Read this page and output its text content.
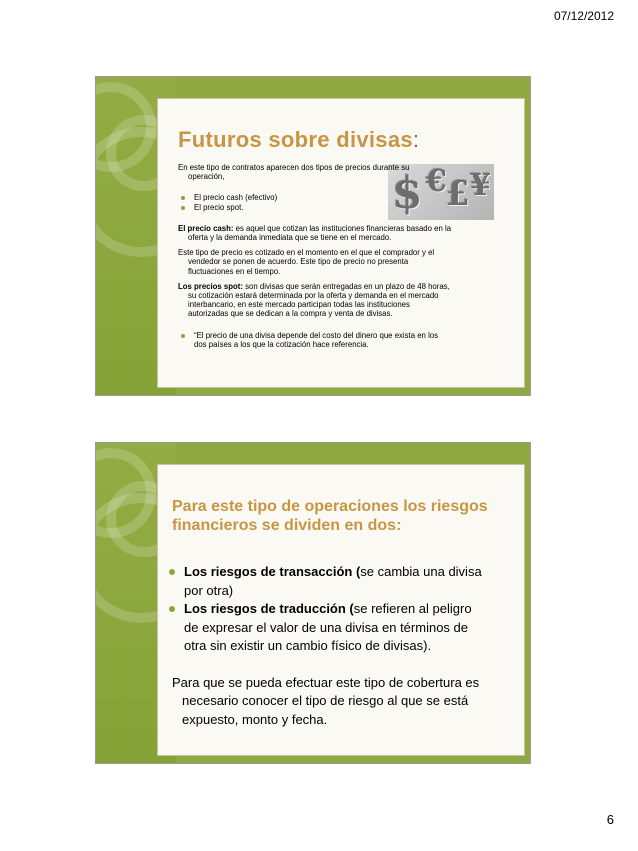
07/12/2012
Futuros sobre divisas:
$ € £ ¥

En este tipo de contratos aparecen dos tipos de precios durante su
operación,

El precio cash (efectivo)

El precio spot.

El precio cash: es aquel que cotizan las instituciones financieras basado en la
oferta y la demanda inmediata que se tiene en el mercado.

Este tipo de precio es cotizado en el momento en el que el comprador y el
vendedor se ponen de acuerdo. Este tipo de precio no presenta
fluctuaciones en el tiempo.

Los precios spot: son divisas que serán entregadas en un plazo de 48 horas,
su cotización estará determinada por la oferta y demanda en el mercado
interbancario, en este mercado participan todas las instituciones
autorizadas que se dedican a la compra y venta de divisas.

“El precio de una divisa depende del costo del dinero que exista en los
dos países a los que la cotización hace referencia.

Para este tipo de operaciones los riesgos
financieros se dividen en dos:

Los riesgos de transacción (se cambia una divisa
por otra)

Los riesgos de traducción (se refieren al peligro
de expresar el valor de una divisa en términos de
otra sin existir un cambio físico de divisas).

Para que se pueda efectuar este tipo de cobertura es
necesario conocer el tipo de riesgo al que se está
expuesto, monto y fecha.

6
